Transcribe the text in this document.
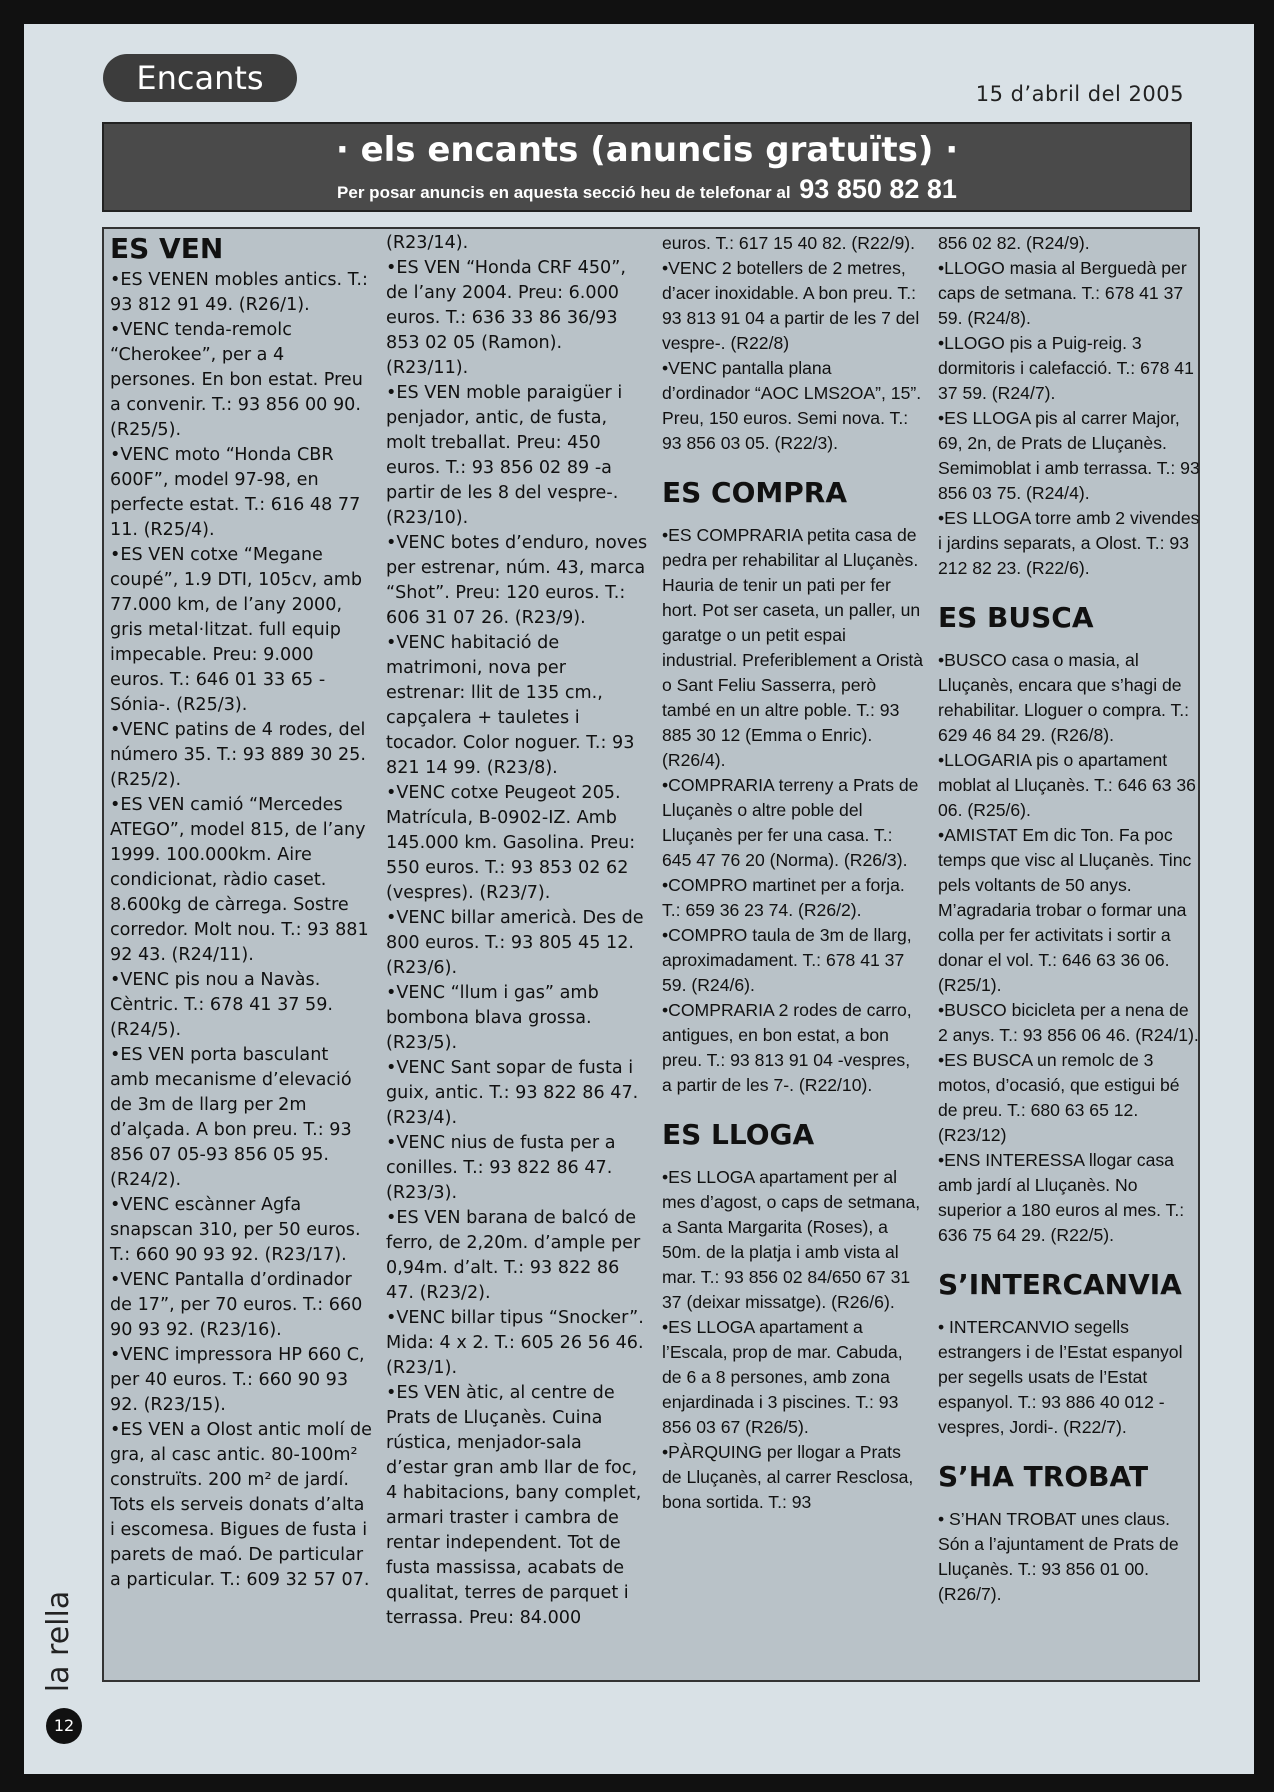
Encants	15 d’abril del 2005
· els encants (anuncis gratuïts) ·
Per posar anuncis en aquesta secció heu de telefonar al 93 850 82 81
ES VEN

•ES VENEN mobles antics. T.: 93 812 91 49. (R26/1).

•VENC tenda-remolc “Cherokee”, per a 4 persones. En bon estat. Preu a convenir. T.: 93 856 00 90. (R25/5).

•VENC moto “Honda CBR 600F”, model 97-98, en perfecte estat. T.: 616 48 77 11. (R25/4).

•ES VEN cotxe “Megane coupé”, 1.9 DTI, 105cv, amb 77.000 km, de l’any 2000, gris metal·litzat. full equip impecable. Preu: 9.000 euros. T.: 646 01 33 65 -Sónia-. (R25/3).

•VENC patins de 4 rodes, del número 35. T.: 93 889 30 25. (R25/2).

•ES VEN camió “Mercedes ATEGO”, model 815, de l’any 1999. 100.000km. Aire condicionat, ràdio caset. 8.600kg de càrrega. Sostre corredor. Molt nou. T.: 93 881 92 43. (R24/11).

•VENC pis nou a Navàs. Cèntric. T.: 678 41 37 59. (R24/5).

•ES VEN porta basculant amb mecanisme d’elevació de 3m de llarg per 2m d’alçada. A bon preu. T.: 93 856 07 05-93 856 05 95. (R24/2).

•VENC escànner Agfa snapscan 310, per 50 euros. T.: 660 90 93 92. (R23/17).

•VENC Pantalla d’ordinador de 17”, per 70 euros. T.: 660 90 93 92. (R23/16).

•VENC impressora HP 660 C, per 40 euros. T.: 660 90 93 92. (R23/15).

•ES VEN a Olost antic molí de gra, al casc antic. 80-100m² construïts. 200 m² de jardí. Tots els serveis donats d’alta i escomesa. Bigues de fusta i parets de maó. De particular a particular. T.: 609 32 57 07.

(R23/14).

•ES VEN “Honda CRF 450”, de l’any 2004. Preu: 6.000 euros. T.: 636 33 86 36/93 853 02 05 (Ramon). (R23/11).

•ES VEN moble paraigüer i penjador, antic, de fusta, molt treballat. Preu: 450 euros. T.: 93 856 02 89 -a partir de les 8 del vespre-. (R23/10).

•VENC botes d’enduro, noves per estrenar, núm. 43, marca “Shot”. Preu: 120 euros. T.: 606 31 07 26. (R23/9).

•VENC habitació de matrimoni, nova per estrenar: llit de 135 cm., capçalera + tauletes i tocador. Color noguer. T.: 93 821 14 99. (R23/8).

•VENC cotxe Peugeot 205. Matrícula, B-0902-IZ. Amb 145.000 km. Gasolina. Preu: 550 euros. T.: 93 853 02 62 (vespres). (R23/7).

•VENC billar americà. Des de 800 euros. T.: 93 805 45 12. (R23/6).

•VENC “llum i gas” amb bombona blava grossa. (R23/5).

•VENC Sant sopar de fusta i guix, antic. T.: 93 822 86 47. (R23/4).

•VENC nius de fusta per a conilles. T.: 93 822 86 47. (R23/3).

•ES VEN barana de balcó de ferro, de 2,20m. d’ample per 0,94m. d’alt. T.: 93 822 86 47. (R23/2).

•VENC billar tipus “Snocker”. Mida: 4 x 2. T.: 605 26 56 46. (R23/1).

•ES VEN àtic, al centre de Prats de Lluçanès. Cuina rústica, menjador-sala d’estar gran amb llar de foc, 4 habitacions, bany complet, armari traster i cambra de rentar independent. Tot de fusta massissa, acabats de qualitat, terres de parquet i terrassa. Preu: 84.000

euros. T.: 617 15 40 82. (R22/9).

•VENC 2 botellers de 2 metres, d’acer inoxidable. A bon preu. T.: 93 813 91 04 a partir de les 7 del vespre-. (R22/8)

•VENC pantalla plana d’ordinador “AOC LMS2OA”, 15”. Preu, 150 euros. Semi nova. T.: 93 856 03 05. (R22/3).

ES COMPRA

•ES COMPRARIA petita casa de pedra per rehabilitar al Lluçanès. Hauria de tenir un pati per fer hort. Pot ser caseta, un paller, un garatge o un petit espai industrial. Preferiblement a Oristà o Sant Feliu Sasserra, però també en un altre poble. T.: 93 885 30 12 (Emma o Enric). (R26/4).

•COMPRARIA terreny a Prats de Lluçanès o altre poble del Lluçanès per fer una casa. T.: 645 47 76 20 (Norma). (R26/3).

•COMPRO martinet per a forja. T.: 659 36 23 74. (R26/2).

•COMPRO taula de 3m de llarg, aproximadament. T.: 678 41 37 59. (R24/6).

•COMPRARIA 2 rodes de carro, antigues, en bon estat, a bon preu. T.: 93 813 91 04 -vespres, a partir de les 7-. (R22/10).

ES LLOGA

•ES LLOGA apartament per al mes d’agost, o caps de setmana, a Santa Margarita (Roses), a 50m. de la platja i amb vista al mar. T.: 93 856 02 84/650 67 31 37 (deixar missatge). (R26/6).

•ES LLOGA apartament a l’Escala, prop de mar. Cabuda, de 6 a 8 persones, amb zona enjardinada i 3 piscines. T.: 93 856 03 67 (R26/5).

•PÀRQUING per llogar a Prats de Lluçanès, al carrer Resclosa, bona sortida. T.: 93

856 02 82. (R24/9).

•LLOGO masia al Berguedà per caps de setmana. T.: 678 41 37 59. (R24/8).

•LLOGO pis a Puig-reig. 3 dormitoris i calefacció. T.: 678 41 37 59. (R24/7).

•ES LLOGA pis al carrer Major, 69, 2n, de Prats de Lluçanès. Semimoblat i amb terrassa. T.: 93 856 03 75. (R24/4).

•ES LLOGA torre amb 2 vivendes i jardins separats, a Olost. T.: 93 212 82 23. (R22/6).

ES BUSCA

•BUSCO casa o masia, al Lluçanès, encara que s’hagi de rehabilitar. Lloguer o compra. T.: 629 46 84 29. (R26/8).

•LLOGARIA pis o apartament moblat al Lluçanès. T.: 646 63 36 06. (R25/6).

•AMISTAT Em dic Ton. Fa poc temps que visc al Lluçanès. Tinc pels voltants de 50 anys. M’agradaria trobar o formar una colla per fer activitats i sortir a donar el vol. T.: 646 63 36 06. (R25/1).

•BUSCO bicicleta per a nena de 2 anys. T.: 93 856 06 46. (R24/1).

•ES BUSCA un remolc de 3 motos, d’ocasió, que estigui bé de preu. T.: 680 63 65 12. (R23/12)

•ENS INTERESSA llogar casa amb jardí al Lluçanès. No superior a 180 euros al mes. T.: 636 75 64 29. (R22/5).

S’INTERCANVIA

• INTERCANVIO segells estrangers i de l’Estat espanyol per segells usats de l’Estat espanyol. T.: 93 886 40 012 -vespres, Jordi-. (R22/7).

S’HA TROBAT

• S’HAN TROBAT unes claus. Són a l’ajuntament de Prats de Lluçanès. T.: 93 856 01 00. (R26/7).

la rella
12
